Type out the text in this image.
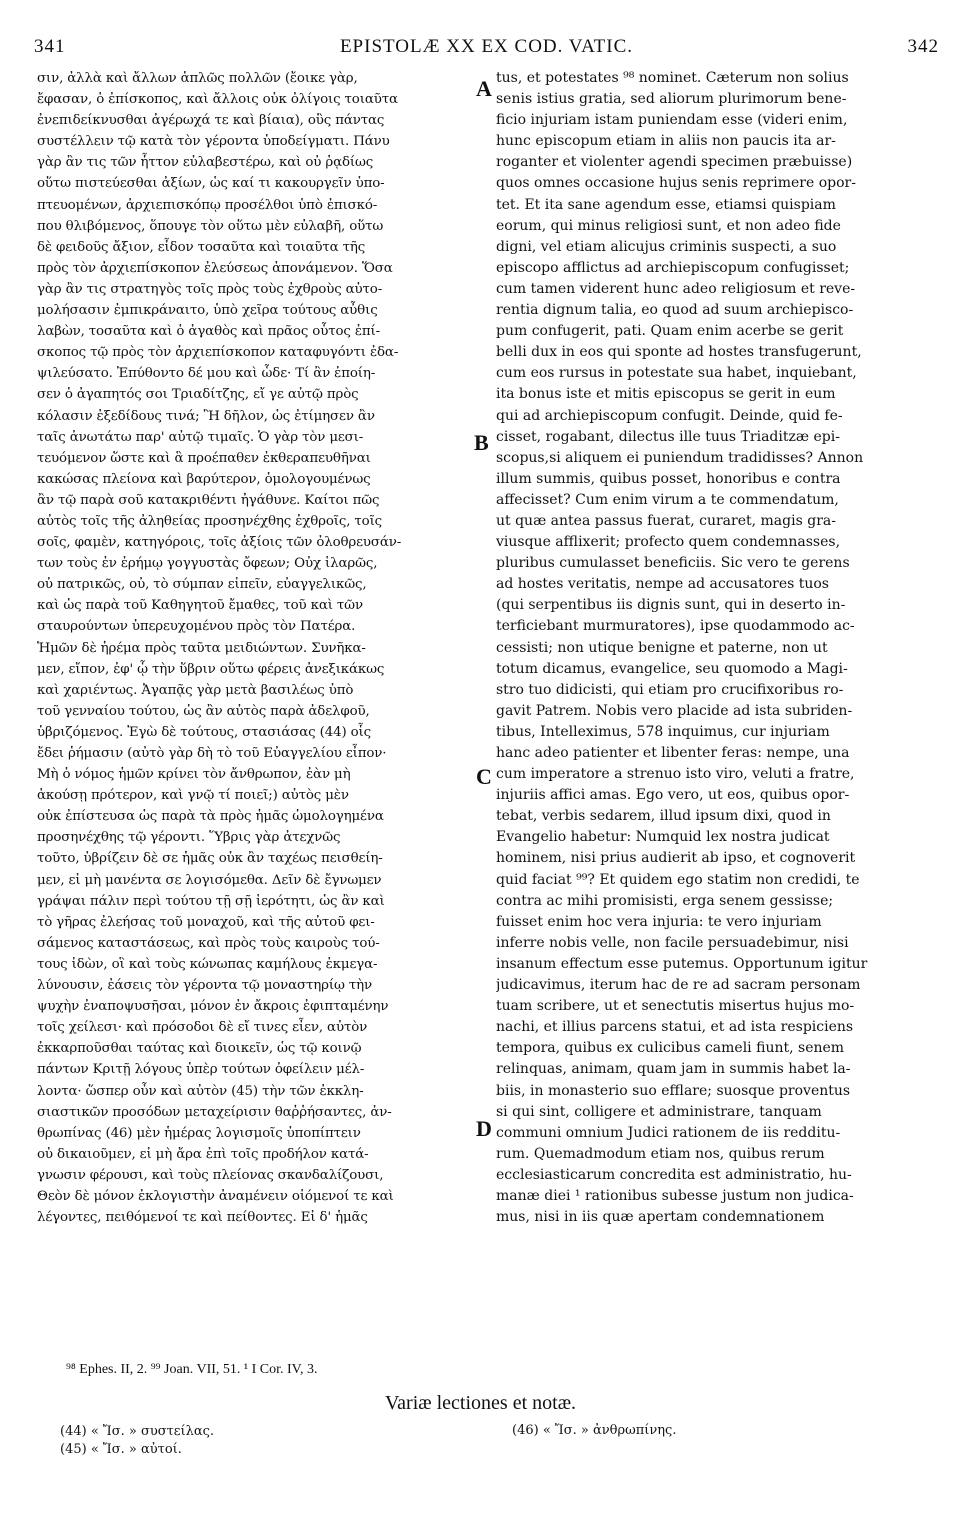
341	EPISTOLÆ XX EX COD. VATIC.	342
σιν, ἀλλὰ καὶ ἄλλων ἁπλῶς πολλῶν (ἔοικε γὰρ,
ἔφασαν, ὁ ἐπίσκοπος, καὶ ἄλλοις οὐκ ὀλίγοις τοιαῦτα
ἐνεπιδείκνυσθαι ἀγέρωχά τε καὶ βίαια), οὓς πάντας
συστέλλειν τῷ κατὰ τὸν γέροντα ὑποδείγματι. Πάνυ
γὰρ ἂν τις τῶν ἧττον εὐλαβεστέρω, καὶ οὐ ῥᾳδίως
οὕτω πιστεύεσθαι ἀξίων, ὡς καί τι κακουργεῖν ὑπο-
πτευομένων, ἀρχιεπισκόπῳ προσέλθοι ὑπὸ ἐπισκό-
που θλιβόμενος, ὅπουγε τὸν οὕτω μὲν εὐλαβῆ, οὕτω
δὲ φειδοῦς ἄξιον, εἶδον τοσαῦτα καὶ τοιαῦτα τῆς
πρὸς τὸν ἀρχιεπίσκοπον ἐλεύσεως ἀπονάμενον. Ὅσα
γὰρ ἂν τις στρατηγὸς τοῖς πρὸς τοὺς ἐχθροὺς αὐτο-
μολήσασιν ἐμπικράναιτο, ὑπὸ χεῖρα τούτους αὖθις
λαβὼν, τοσαῦτα καὶ ὁ ἀγαθὸς καὶ πρᾶος οὗτος ἐπί-
σκοπος τῷ πρὸς τὸν ἀρχιεπίσκοπον καταφυγόντι ἐδα-
ψιλεύσατο. Ἐπύθοντο δέ μου καὶ ὧδε· Τί ἂν ἐποίη-
σεν ὁ ἀγαπητός σοι Τριαδίτζης, εἴ γε αὐτῷ πρὸς
κόλασιν ἐξεδίδους τινά; Ἢ δῆλον, ὡς ἐτίμησεν ἂν
ταῖς ἀνωτάτω παρ' αὐτῷ τιμαῖς. Ὁ γὰρ τὸν μεσι-
τευόμενον ὥστε καὶ ἃ προέπαθεν ἐκθεραπευθῆναι
κακώσας πλείονα καὶ βαρύτερον, ὁμολογουμένως
ἂν τῷ παρὰ σοῦ κατακριθέντι ἠγάθυνε. Καίτοι πῶς
αὐτὸς τοῖς τῆς ἀληθείας προσηνέχθης ἐχθροῖς, τοῖς
σοῖς, φαμὲν, κατηγόροις, τοῖς ἀξίοις τῶν ὀλοθρευσάν-
των τοὺς ἐν ἐρήμῳ γογγυστὰς ὄφεων; Οὐχ ἱλαρῶς,
οὐ πατρικῶς, οὐ, τὸ σύμπαν εἰπεῖν, εὐαγγελικῶς,
καὶ ὡς παρὰ τοῦ Καθηγητοῦ ἔμαθες, τοῦ καὶ τῶν
σταυρούντων ὑπερευχομένου πρὸς τὸν Πατέρα.
Ἡμῶν δὲ ἠρέμα πρὸς ταῦτα μειδιώντων. Συνῆκα-
μεν, εἴπον, ἐφ' ᾧ τὴν ὕβριν οὕτω φέρεις ἀνεξικάκως
καὶ χαριέντως. Ἀγαπᾷς γὰρ μετὰ βασιλέως ὑπὸ
τοῦ γενναίου τούτου, ὡς ἂν αὐτὸς παρὰ ἀδελφοῦ,
ὑβριζόμενος. Ἐγὼ δὲ τούτους, στασιάσας (44) οἷς
ἔδει ῥήμασιν (αὐτὸ γὰρ δὴ τὸ τοῦ Εὐαγγελίου εἶπον·
Μὴ ὁ νόμος ἡμῶν κρίνει τὸν ἄνθρωπον, ἐὰν μὴ
ἀκούσῃ πρότερον, καὶ γνῷ τί ποιεῖ;) αὐτὸς μὲν
οὐκ ἐπίστευσα ὡς παρὰ τὰ πρὸς ἡμᾶς ὡμολογημένα
προσηνέχθης τῷ γέροντι. Ὕβρις γὰρ ἀτεχνῶς
τοῦτο, ὑβρίζειν δὲ σε ἡμᾶς οὐκ ἂν ταχέως πεισθείη-
μεν, εἰ μὴ μανέντα σε λογισόμεθα. Δεῖν δὲ ἔγνωμεν
γράψαι πάλιν περὶ τούτου τῇ σῇ ἱερότητι, ὡς ἂν καὶ
τὸ γῆρας ἐλεήσας τοῦ μοναχοῦ, καὶ τῆς αὐτοῦ φει-
σάμενος καταστάσεως, καὶ πρὸς τοὺς καιροὺς τού-
τους ἰδὼν, οἳ καὶ τοὺς κώνωπας καμήλους ἐκμεγα-
λύνουσιν, ἐάσεις τὸν γέροντα τῷ μοναστηρίῳ τὴν
ψυχὴν ἐναποψυσῆσαι, μόνον ἐν ἄκροις ἐφιπταμένην
τοῖς χείλεσι· καὶ πρόσοδοι δὲ εἴ τινες εἶεν, αὐτὸν
ἐκκαρποῦσθαι ταύτας καὶ διοικεῖν, ὡς τῷ κοινῷ
πάντων Κριτῇ λόγους ὑπὲρ τούτων ὀφείλειν μέλ-
λοντα· ὥσπερ οὖν καὶ αὐτὸν (45) τὴν τῶν ἐκκλη-
σιαστικῶν προσόδων μεταχείρισιν θαῤῥήσαντες, ἀν-
θρωπίνας (46) μὲν ἡμέρας λογισμοῖς ὑποπίπτειν
οὐ δικαιοῦμεν, εἰ μὴ ἄρα ἐπὶ τοῖς προδήλον κατά-
γνωσιν φέρουσι, καὶ τοὺς πλείονας σκανδαλίζουσι,
Θεὸν δὲ μόνον ἐκλογιστὴν ἀναμένειν οἰόμενοί τε καὶ
λέγοντες, πειθόμενοί τε καὶ πείθοντες. Εἰ δ' ἡμᾶς
tus, et potestates ⁹⁸ nominet. Cæterum non solius
senis istius gratia, sed aliorum plurimorum bene-
ficio injuriam istam puniendam esse (videri enim,
hunc episcopum etiam in aliis non paucis ita ar-
roganter et violenter agendi specimen præbuisse)
quos omnes occasione hujus senis reprimere opor-
tet. Et ita sane agendum esse, etiamsi quispiam
eorum, qui minus religiosi sunt, et non adeo fide
digni, vel etiam alicujus criminis suspecti, a suo
episcopo afflictus ad archiepiscopum confugisset;
cum tamen viderent hunc adeo religiosum et reve-
rentia dignum talia, eo quod ad suum archiepisco-
pum confugerit, pati. Quam enim acerbe se gerit
belli dux in eos qui sponte ad hostes transfugerunt,
cum eos rursus in potestate sua habet, inquiebant,
ita bonus iste et mitis episcopus se gerit in eum
qui ad archiepiscopum confugit. Deinde, quid fe-
cisset, rogabant, dilectus ille tuus Triaditzæ epi-
scopus,si aliquem ei puniendum tradidisses? Annon
illum summis, quibus posset, honoribus e contra
affecisset? Cum enim virum a te commendatum,
ut quæ antea passus fuerat, curaret, magis gra-
viusque afflixerit; profecto quem condemnasses,
pluribus cumulasset beneficiis. Sic vero te gerens
ad hostes veritatis, nempe ad accusatores tuos
(qui serpentibus iis dignis sunt, qui in deserto in-
terficiebant murmuratores), ipse quodammodo ac-
cessisti; non utique benigne et paterne, non ut
totum dicamus, evangelice, seu quomodo a Magi-
stro tuo didicisti, qui etiam pro crucifixoribus ro-
gavit Patrem. Nobis vero placide ad ista subriden-
tibus, Intelleximus, 578 inquimus, cur injuriam
hanc adeo patienter et libenter feras: nempe, una
cum imperatore a strenuo isto viro, veluti a fratre,
injuriis affici amas. Ego vero, ut eos, quibus opor-
tebat, verbis sedarem, illud ipsum dixi, quod in
Evangelio habetur: Numquid lex nostra judicat
hominem, nisi prius audierit ab ipso, et cognoverit
quid faciat ⁹⁹? Et quidem ego statim non credidi, te
contra ac mihi promisisti, erga senem gessisse;
fuisset enim hoc vera injuria: te vero injuriam
inferre nobis velle, non facile persuadebimur, nisi
insanum effectum esse putemus. Opportunum igitur
judicavimus, iterum hac de re ad sacram personam
tuam scribere, ut et senectutis misertus hujus mo-
nachi, et illius parcens statui, et ad ista respiciens
tempora, quibus ex culicibus cameli fiunt, senem
relinquas, animam, quam jam in summis habet la-
biis, in monasterio suo efflare; suosque proventus
si qui sint, colligere et administrare, tanquam
communi omnium Judici rationem de iis redditu-
rum. Quemadmodum etiam nos, quibus rerum
ecclesiasticarum concredita est administratio, hu-
manæ diei ¹ rationibus subesse justum non judica-
mus, nisi in iis quæ apertam condemnationem
A
B
C
D
⁹⁸ Ephes. II, 2. ⁹⁹ Joan. VII, 51. ¹ I Cor. IV, 3.
Variæ lectiones et notæ.
(44) « Ἴσ. » συστείλας.
(45) « Ἴσ. » αὐτοί.
(46) « Ἴσ. » ἀνθρωπίνης.
